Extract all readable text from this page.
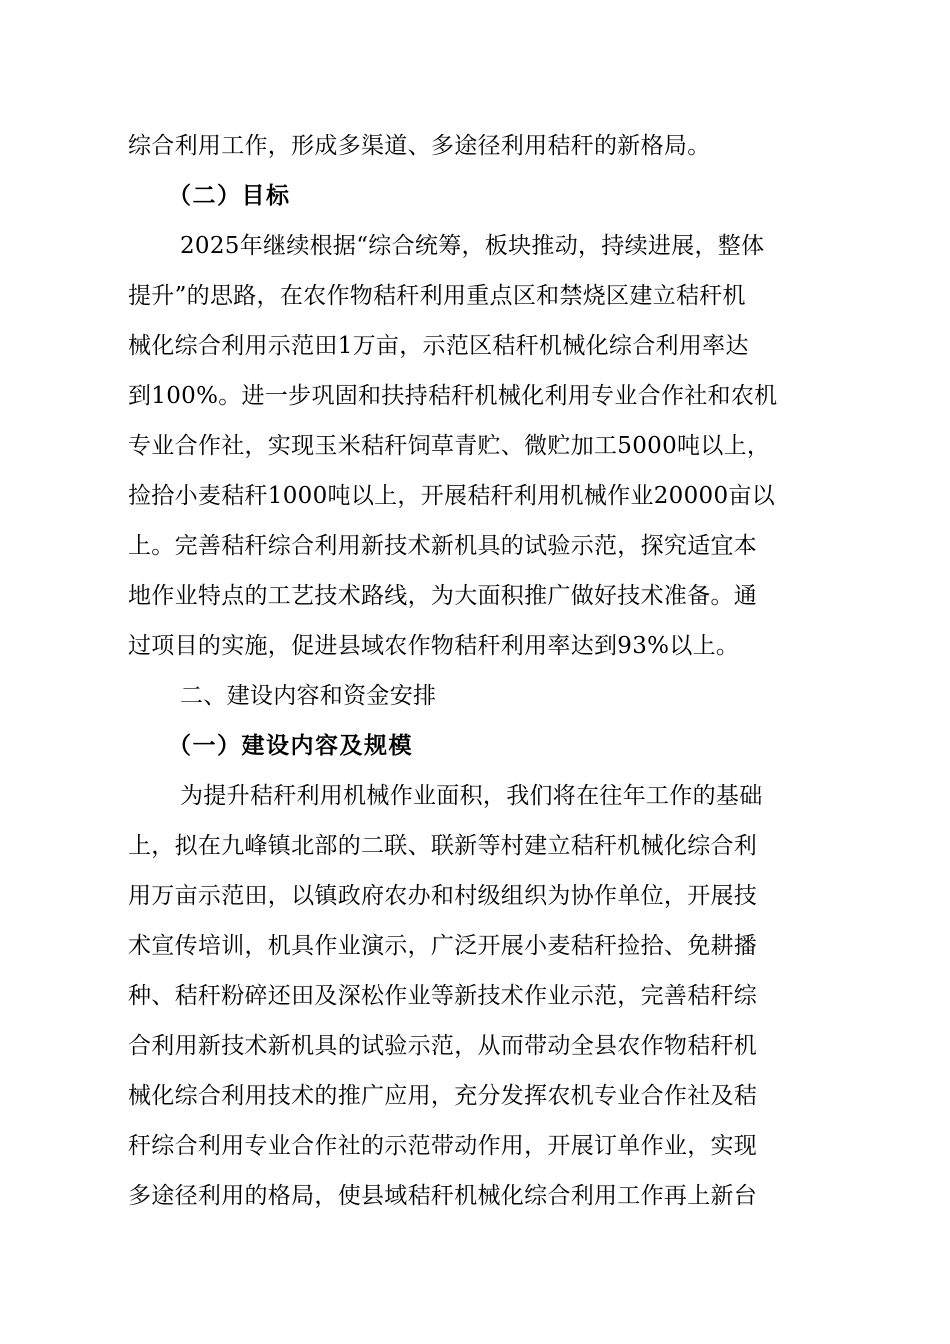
综合利用工作，形成多渠道、多途径利用秸秆的新格局。
（二）目标
2025年继续根据“综合统筹，板块推动，持续进展，整体
提升”的思路，在农作物秸秆利用重点区和禁烧区建立秸秆机
械化综合利用示范田1万亩，示范区秸秆机械化综合利用率达
到100%。进一步巩固和扶持秸秆机械化利用专业合作社和农机
专业合作社，实现玉米秸秆饲草青贮、微贮加工5000吨以上，
捡拾小麦秸秆1000吨以上，开展秸秆利用机械作业20000亩以
上。完善秸秆综合利用新技术新机具的试验示范，探究适宜本
地作业特点的工艺技术路线，为大面积推广做好技术准备。通
过项目的实施，促进县域农作物秸秆利用率达到93%以上。
二、建设内容和资金安排
（一）建设内容及规模
为提升秸秆利用机械作业面积，我们将在往年工作的基础
上，拟在九峰镇北部的二联、联新等村建立秸秆机械化综合利
用万亩示范田，以镇政府农办和村级组织为协作单位，开展技
术宣传培训，机具作业演示，广泛开展小麦秸秆捡拾、免耕播
种、秸秆粉碎还田及深松作业等新技术作业示范，完善秸秆综
合利用新技术新机具的试验示范，从而带动全县农作物秸秆机
械化综合利用技术的推广应用，充分发挥农机专业合作社及秸
秆综合利用专业合作社的示范带动作用，开展订单作业，实现
多途径利用的格局，使县域秸秆机械化综合利用工作再上新台
